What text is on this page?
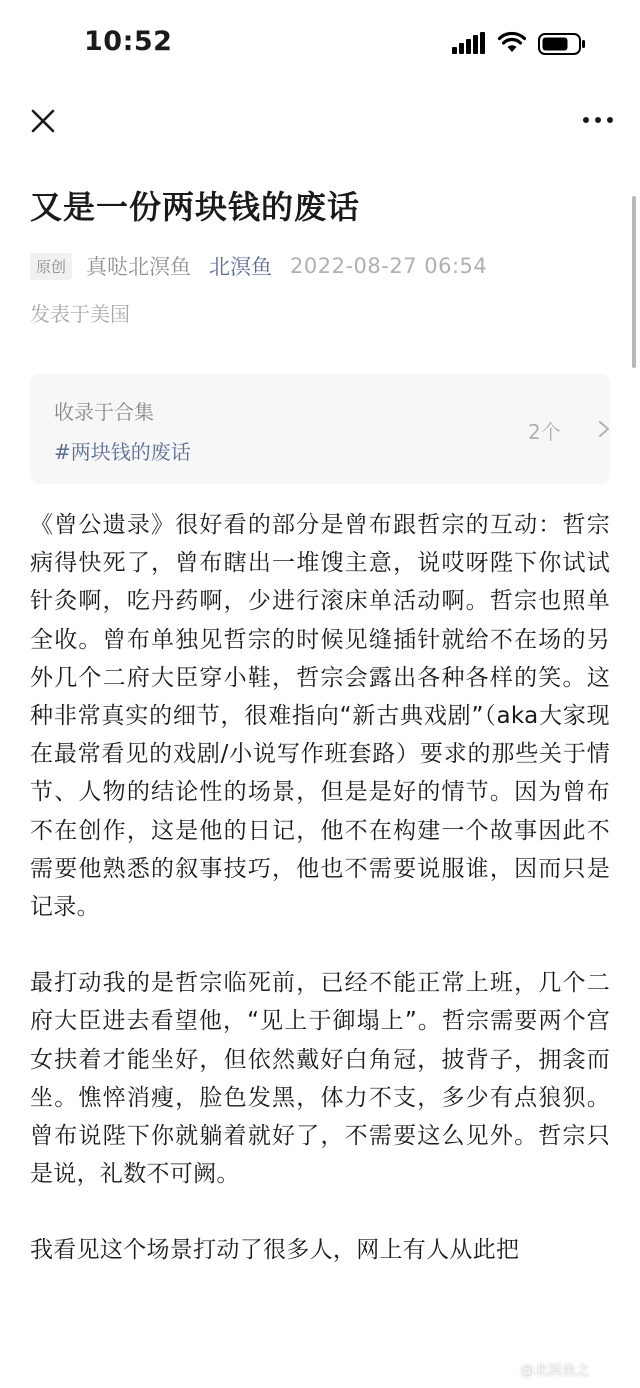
10:52
又是一份两块钱的废话
原创 真哒北溟鱼 北溟鱼 2022-08-27 06:54
发表于美国
收录于合集
#两块钱的废话
2个

《曾公遗录》很好看的部分是曾布跟哲宗的互动：哲宗病得快死了，曾布瞎出一堆馊主意，说哎呀陛下你试试针灸啊，吃丹药啊，少进行滚床单活动啊。哲宗也照单全收。曾布单独见哲宗的时候见缝插针就给不在场的另外几个二府大臣穿小鞋，哲宗会露出各种各样的笑。这种非常真实的细节，很难指向“新古典戏剧”（aka大家现在最常看见的戏剧/小说写作班套路）要求的那些关于情节、人物的结论性的场景，但是是好的情节。因为曾布不在创作，这是他的日记，他不在构建一个故事因此不需要他熟悉的叙事技巧，他也不需要说服谁，因而只是记录。

最打动我的是哲宗临死前，已经不能正常上班，几个二府大臣进去看望他，“见上于御塌上”。哲宗需要两个宫女扶着才能坐好，但依然戴好白角冠，披背子，拥衾而坐。憔悴消瘦，脸色发黑，体力不支，多少有点狼狈。曾布说陛下你就躺着就好了，不需要这么见外。哲宗只是说，礼数不可阙。

我看见这个场景打动了很多人，网上有人从此把

@北溟鱼之
